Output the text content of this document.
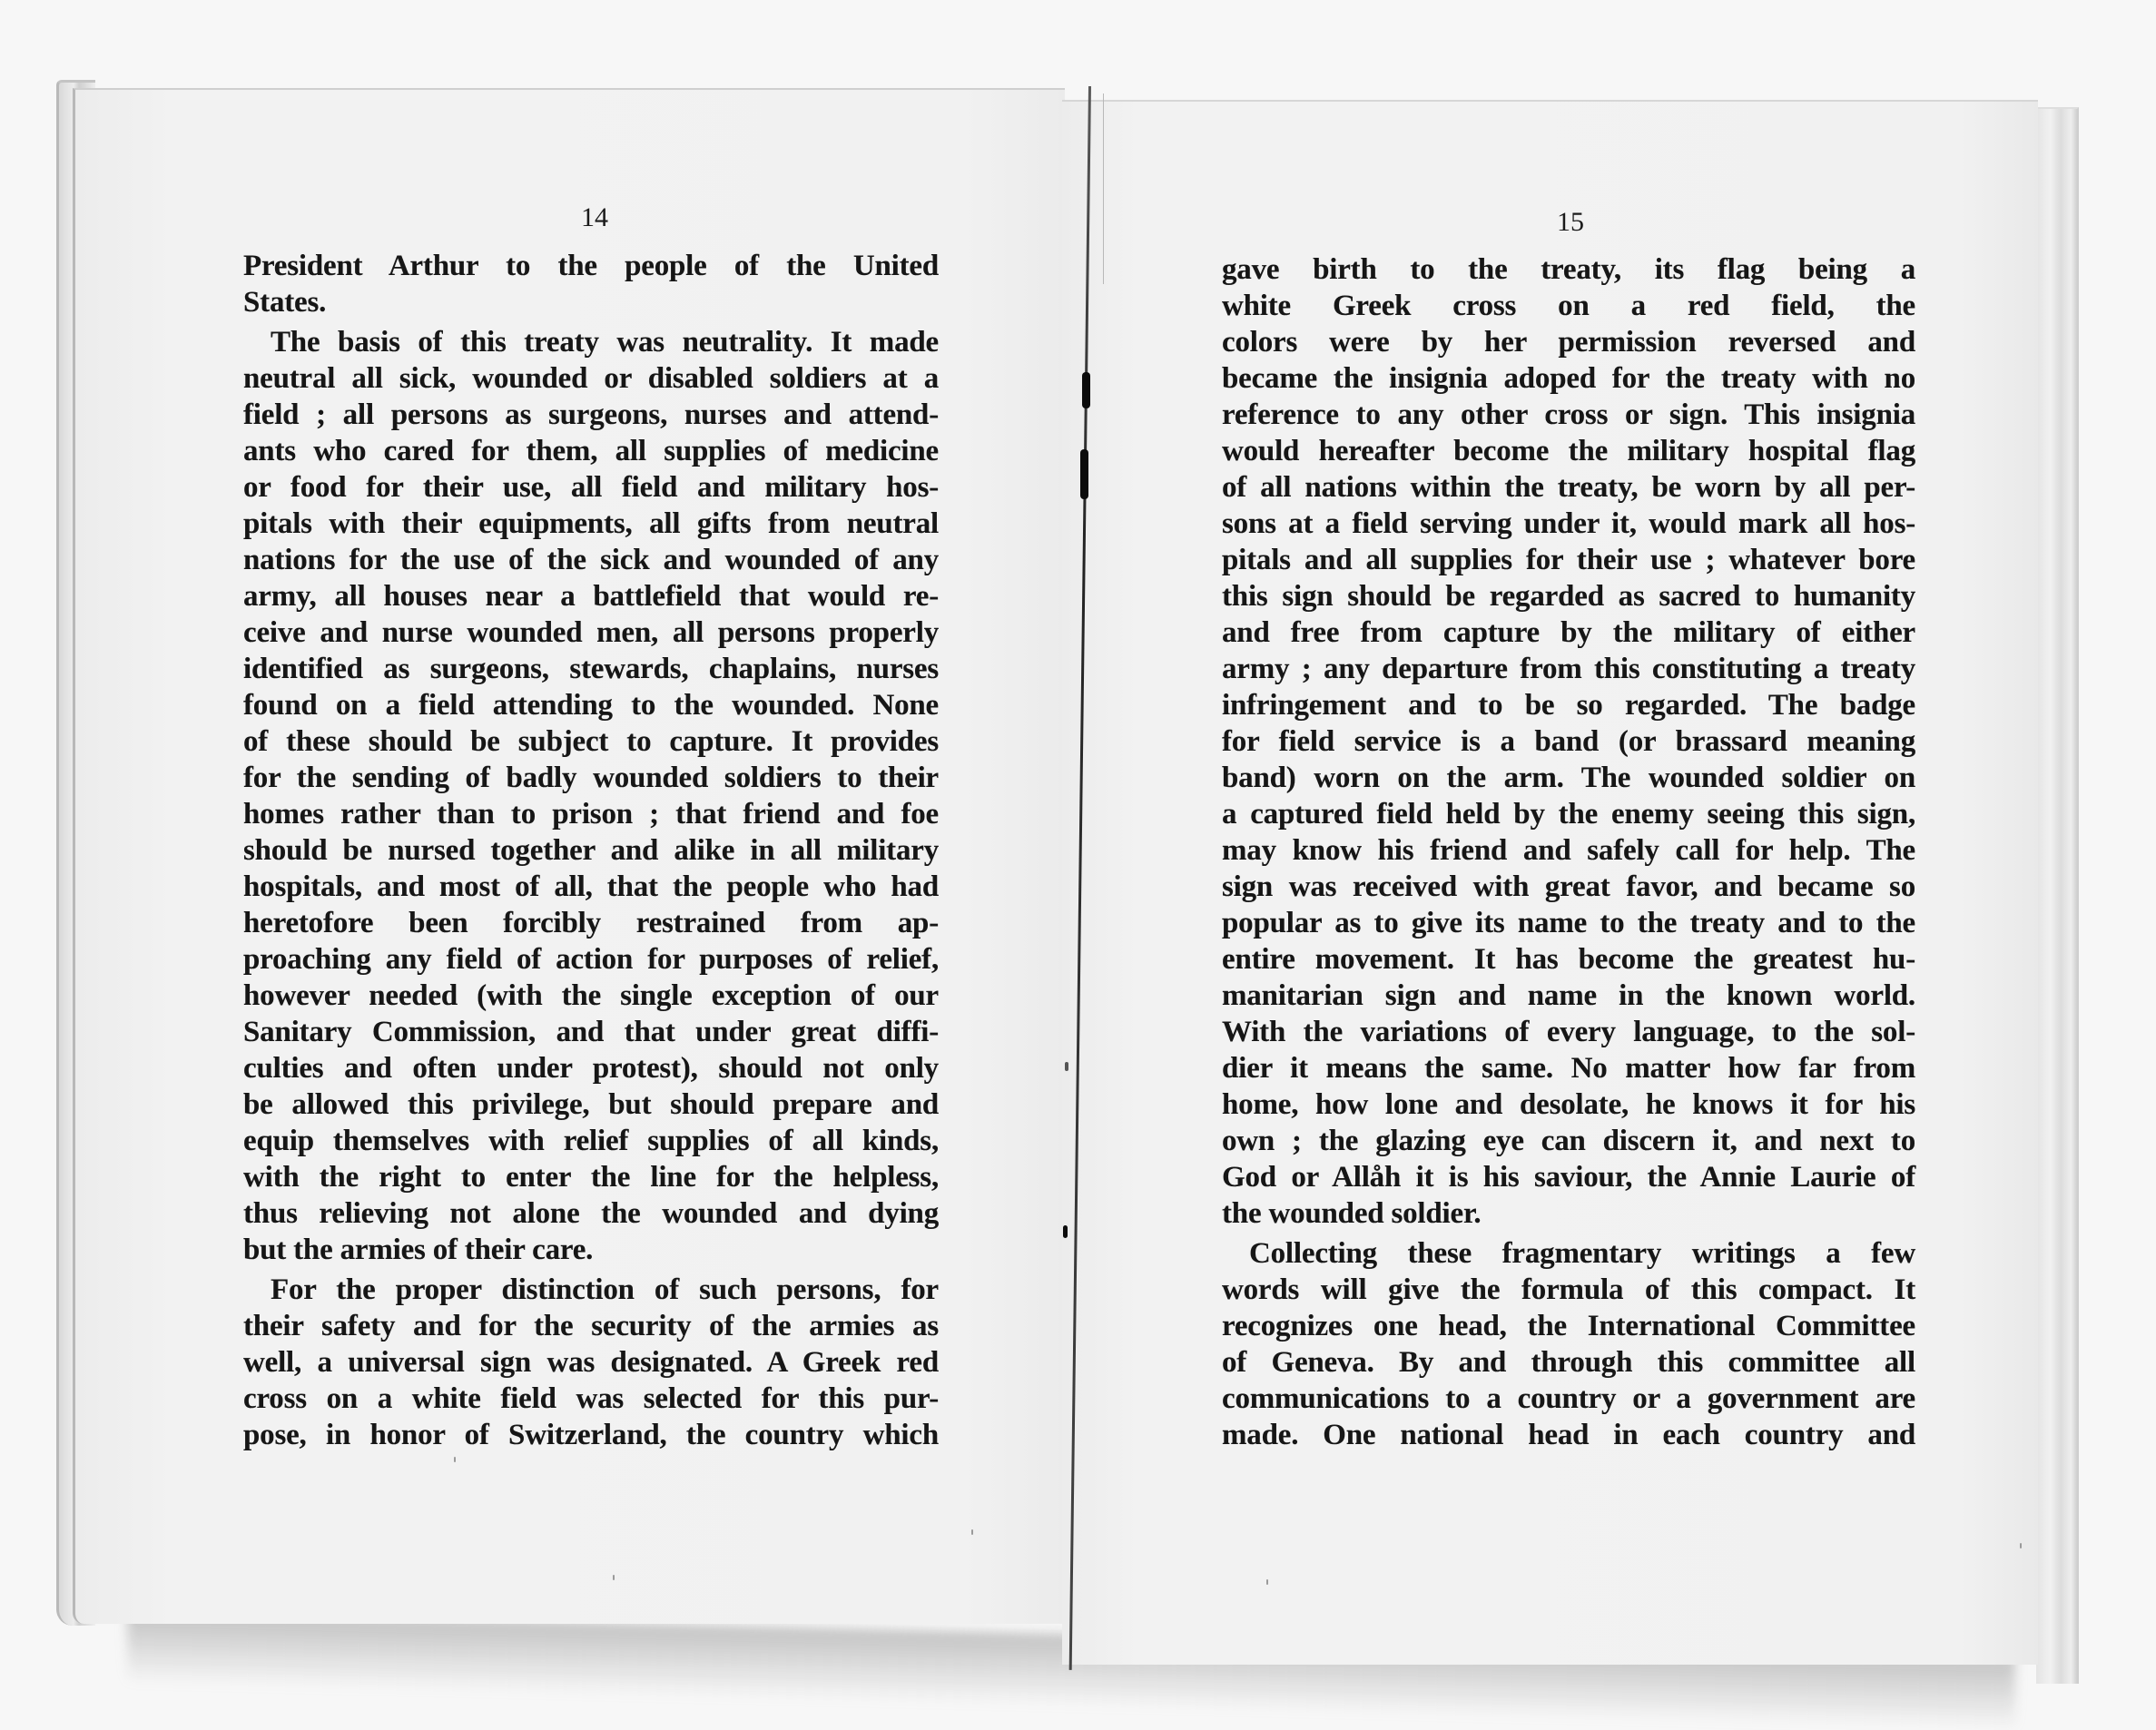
14
President Arthur to the people of the United
States.
The basis of this treaty was neutrality. It made
neutral all sick, wounded or disabled soldiers at a
field ; all persons as surgeons, nurses and attend-
ants who cared for them, all supplies of medicine
or food for their use, all field and military hos-
pitals with their equipments, all gifts from neutral
nations for the use of the sick and wounded of any
army, all houses near a battlefield that would re-
ceive and nurse wounded men, all persons properly
identified as surgeons, stewards, chaplains, nurses
found on a field attending to the wounded. None
of these should be subject to capture. It provides
for the sending of badly wounded soldiers to their
homes rather than to prison ; that friend and foe
should be nursed together and alike in all military
hospitals, and most of all, that the people who had
heretofore been forcibly restrained from ap-
proaching any field of action for purposes of relief,
however needed (with the single exception of our
Sanitary Commission, and that under great diffi-
culties and often under protest), should not only
be allowed this privilege, but should prepare and
equip themselves with relief supplies of all kinds,
with the right to enter the line for the helpless,
thus relieving not alone the wounded and dying
but the armies of their care.
For the proper distinction of such persons, for
their safety and for the security of the armies as
well, a universal sign was designated. A Greek red
cross on a white field was selected for this pur-
pose, in honor of Switzerland, the country which
15
gave birth to the treaty, its flag being a
white Greek cross on a red field, the
colors were by her permission reversed and
became the insignia adoped for the treaty with no
reference to any other cross or sign. This insignia
would hereafter become the military hospital flag
of all nations within the treaty, be worn by all per-
sons at a field serving under it, would mark all hos-
pitals and all supplies for their use ; whatever bore
this sign should be regarded as sacred to humanity
and free from capture by the military of either
army ; any departure from this constituting a treaty
infringement and to be so regarded. The badge
for field service is a band (or brassard meaning
band) worn on the arm. The wounded soldier on
a captured field held by the enemy seeing this sign,
may know his friend and safely call for help. The
sign was received with great favor, and became so
popular as to give its name to the treaty and to the
entire movement. It has become the greatest hu-
manitarian sign and name in the known world.
With the variations of every language, to the sol-
dier it means the same. No matter how far from
home, how lone and desolate, he knows it for his
own ; the glazing eye can discern it, and next to
God or Allåh it is his saviour, the Annie Laurie of
the wounded soldier.
Collecting these fragmentary writings a few
words will give the formula of this compact. It
recognizes one head, the International Committee
of Geneva. By and through this committee all
communications to a country or a government are
made. One national head in each country and
